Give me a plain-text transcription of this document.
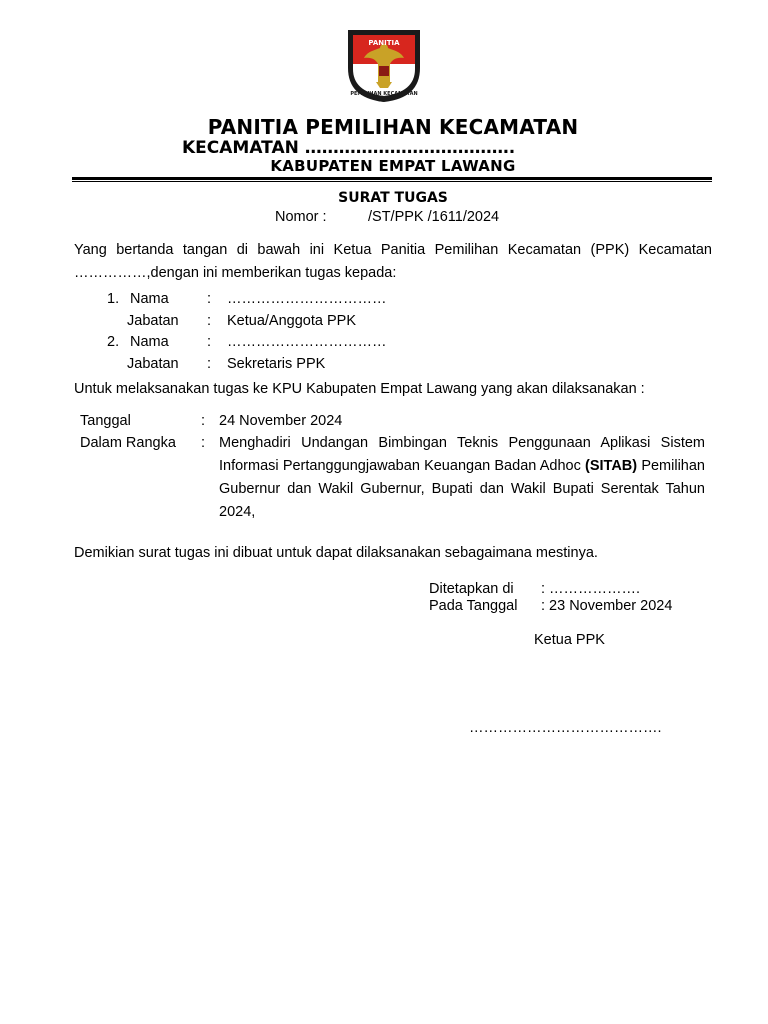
PANITIA
PEMILIHAN KECAMATAN
PANITIA PEMILIHAN KECAMATAN
KECAMATAN ……………………………….
KABUPATEN EMPAT LAWANG
SURAT TUGAS
Nomor :	/ST/PPK /1611/2024
Yang bertanda tangan di bawah ini Ketua Panitia Pemilihan Kecamatan (PPK) Kecamatan
……………,dengan ini memberikan tugas kepada:
1. Nama	: ……………………………
Jabatan : Ketua/Anggota PPK
2. Nama	: ……………………………
Jabatan : Sekretaris PPK
Untuk melaksanakan tugas ke KPU Kabupaten Empat Lawang yang akan dilaksanakan :
Tanggal	: 24 November 2024
Dalam Rangka : Menghadiri Undangan Bimbingan Teknis Penggunaan Aplikasi Sistem Informasi Pertanggungjawaban Keuangan Badan Adhoc (SITAB) Pemilihan Gubernur dan Wakil Gubernur, Bupati dan Wakil Bupati Serentak Tahun 2024,
Demikian surat tugas ini dibuat untuk dapat dilaksanakan sebagaimana mestinya.
Ditetapkan di : ……………….
Pada Tanggal : 23 November 2024
Ketua PPK
………………………………….
